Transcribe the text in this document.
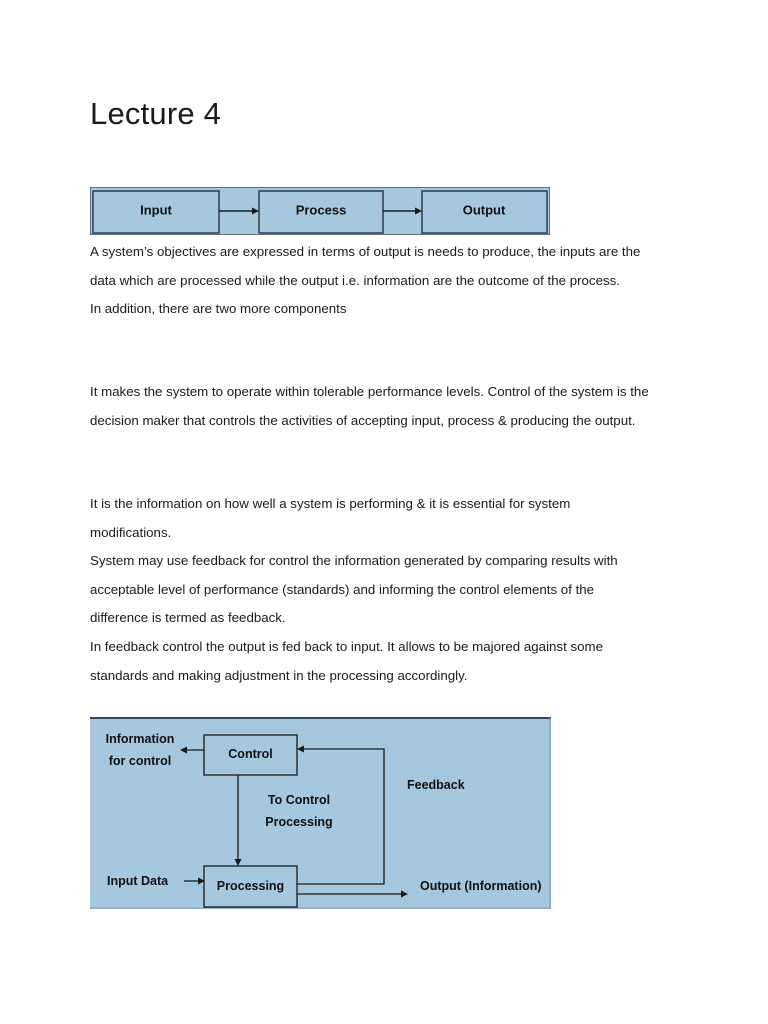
Lecture 4
Input	Process	Output

A system’s objectives are expressed in terms of output is needs to produce, the inputs are the data which are processed while the output i.e. information are the outcome of the process.

In addition, there are two more components

It makes the system to operate within tolerable performance levels. Control of the system is the decision maker that controls the activities of accepting input, process & producing the output.

It is the information on how well a system is performing & it is essential for system modifications.

System may use feedback for control the information generated by comparing results with acceptable level of performance (standards) and informing the control elements of the difference is termed as feedback.

In feedback control the output is fed back to input. It allows to be majored against some standards and making adjustment in the processing accordingly.

Information
for control	Control
To Control
Processing
Feedback
Input Data	Processing	Output (Information)
